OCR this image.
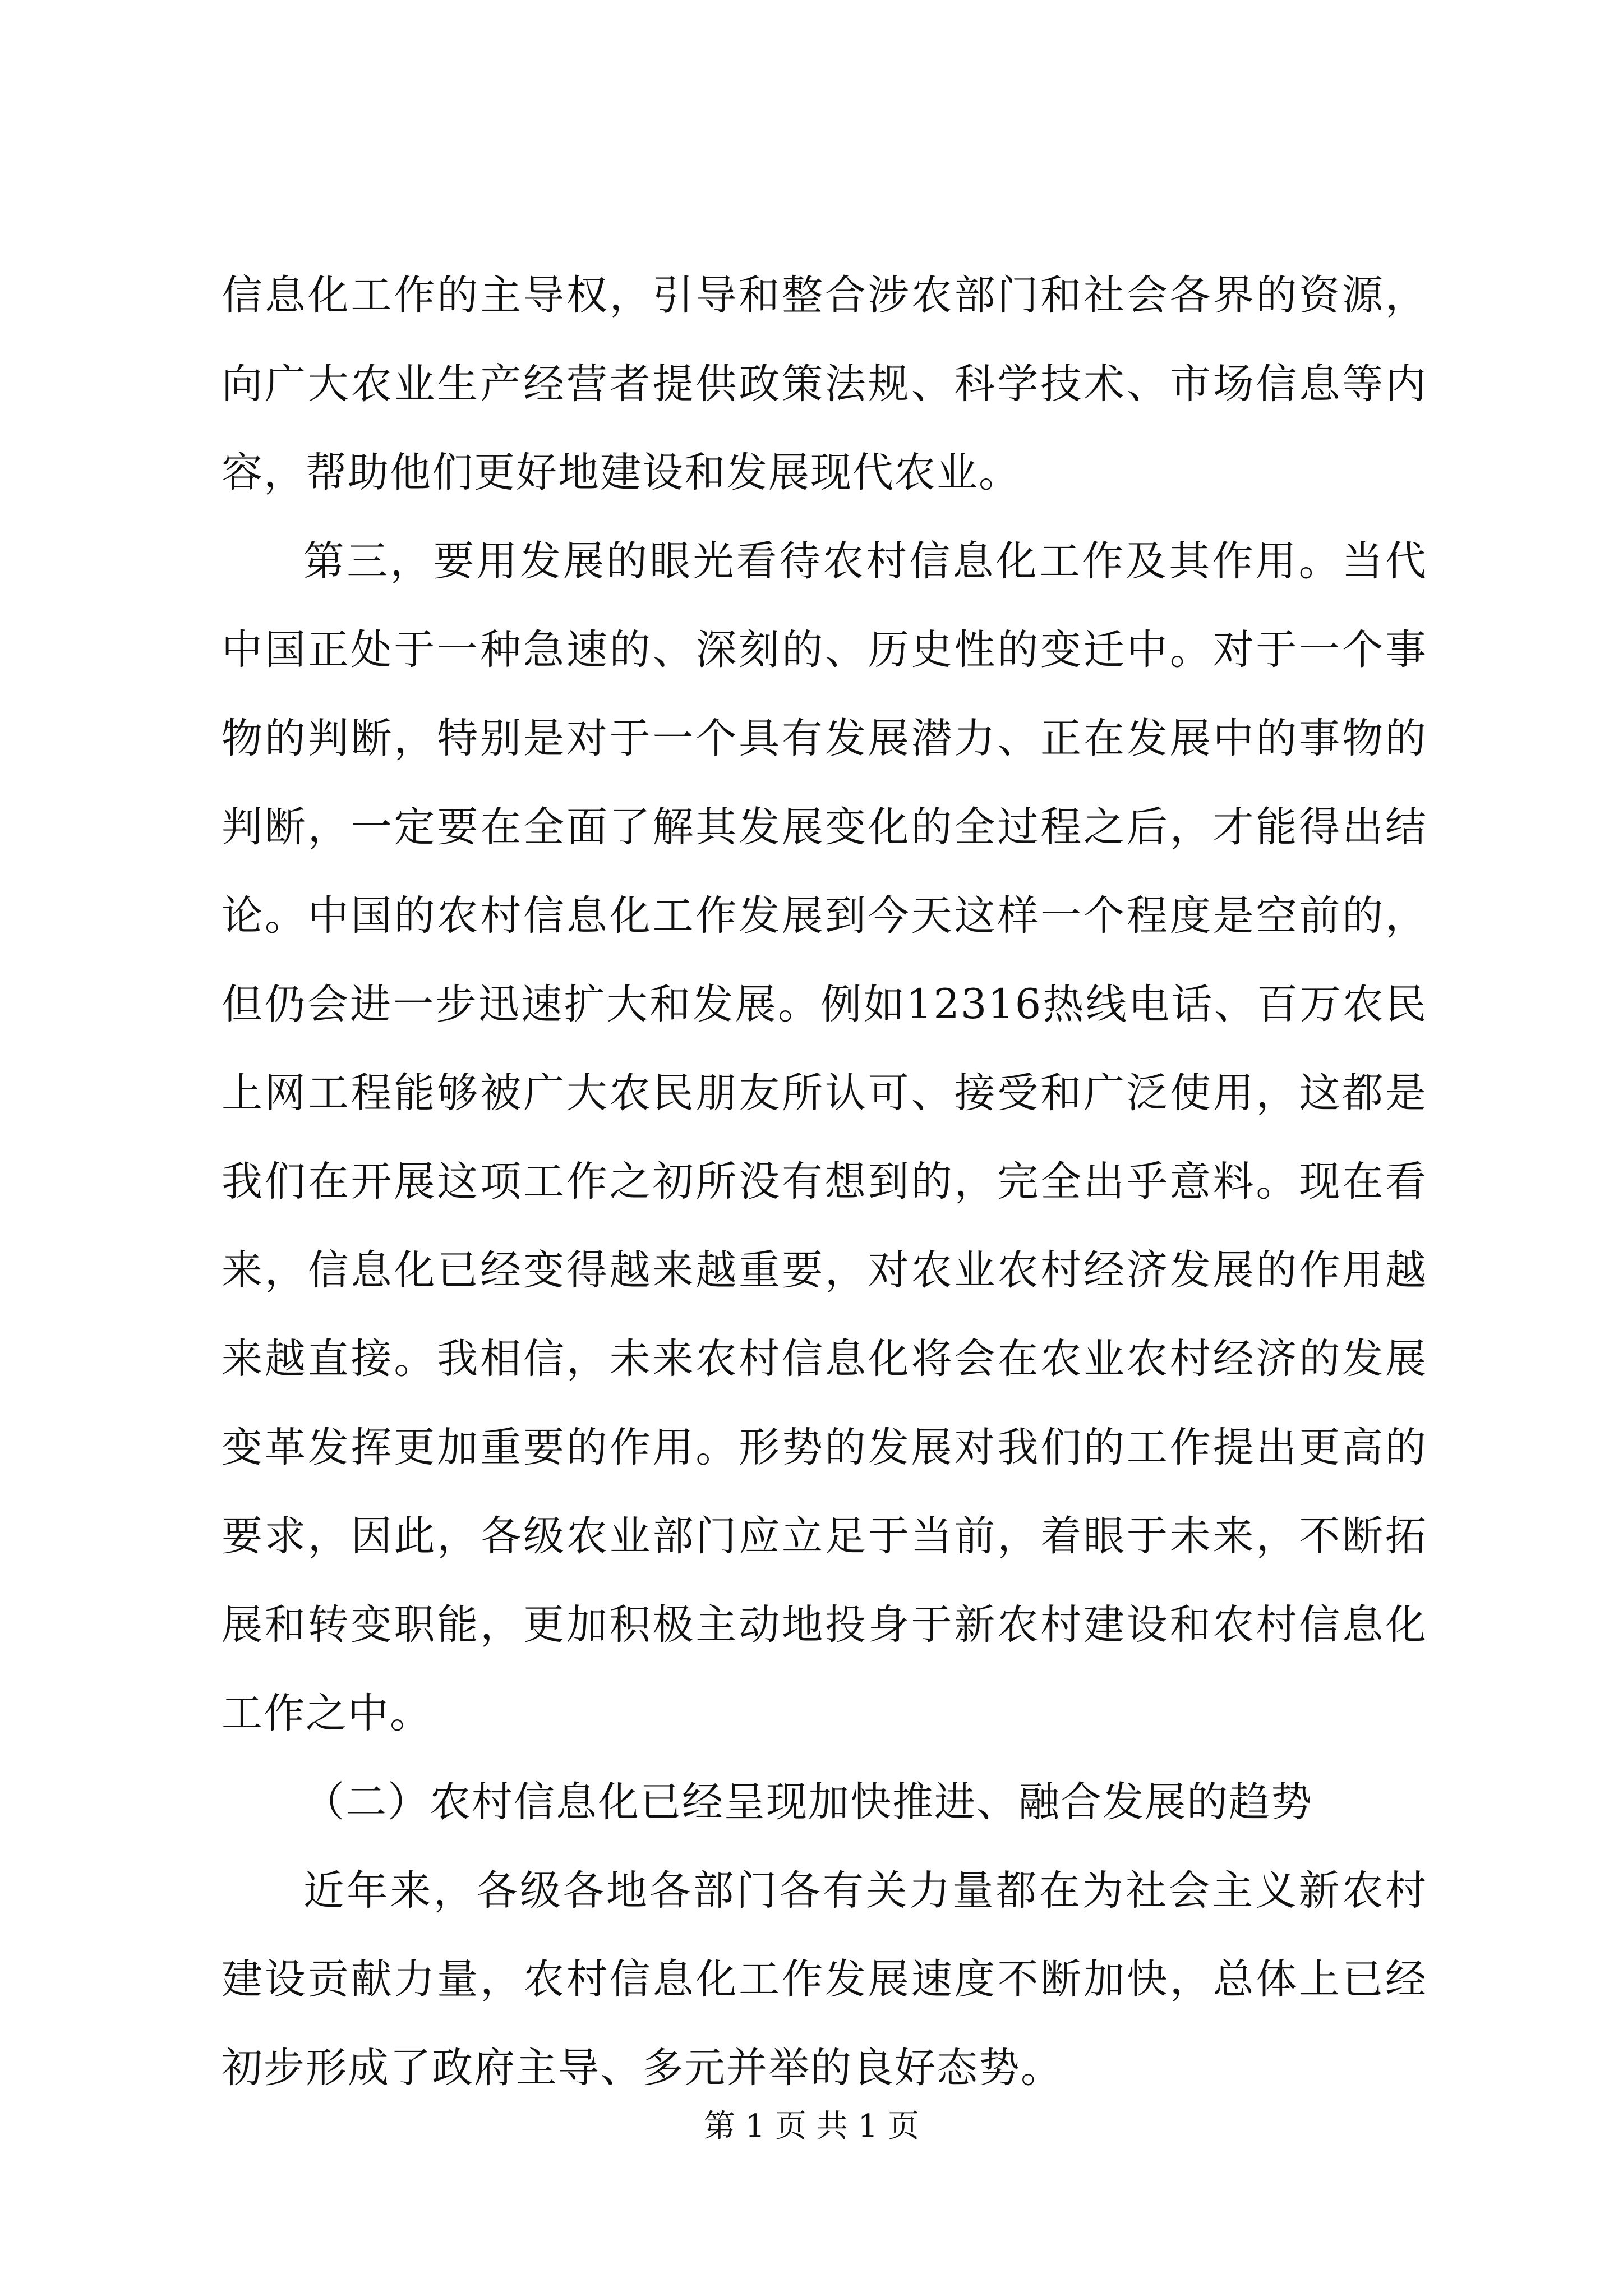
信息化工作的主导权，引导和整合涉农部门和社会各界的资源，向广大农业生产经营者提供政策法规、科学技术、市场信息等内容，帮助他们更好地建设和发展现代农业。

第三，要用发展的眼光看待农村信息化工作及其作用。当代中国正处于一种急速的、深刻的、历史性的变迁中。对于一个事物的判断，特别是对于一个具有发展潜力、正在发展中的事物的判断，一定要在全面了解其发展变化的全过程之后，才能得出结论。中国的农村信息化工作发展到今天这样一个程度是空前的，但仍会进一步迅速扩大和发展。例如12316热线电话、百万农民上网工程能够被广大农民朋友所认可、接受和广泛使用，这都是我们在开展这项工作之初所没有想到的，完全出乎意料。现在看来，信息化已经变得越来越重要，对农业农村经济发展的作用越来越直接。我相信，未来农村信息化将会在农业农村经济的发展变革发挥更加重要的作用。形势的发展对我们的工作提出更高的要求，因此，各级农业部门应立足于当前，着眼于未来，不断拓展和转变职能，更加积极主动地投身于新农村建设和农村信息化工作之中。

（二）农村信息化已经呈现加快推进、融合发展的趋势

近年来，各级各地各部门各有关力量都在为社会主义新农村建设贡献力量，农村信息化工作发展速度不断加快，总体上已经初步形成了政府主导、多元并举的良好态势。

第 1 页 共 1 页
